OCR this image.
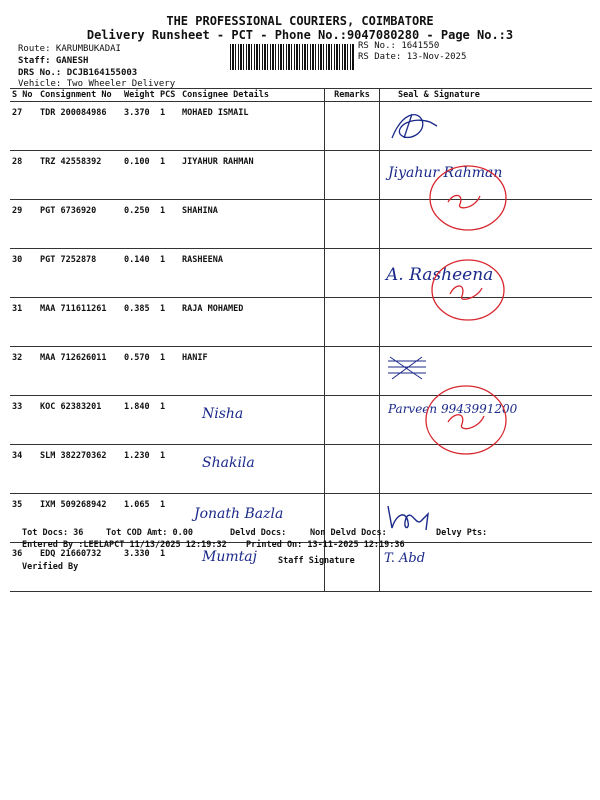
THE PROFESSIONAL COURIERS, COIMBATORE
Delivery Runsheet - PCT - Phone No.:9047080280 - Page No.:3
Route: KARUMBUKADAI
Staff: GANESH
DRS No.: DCJB164155003
Vehicle: Two Wheeler Delivery
RS No.: 1641550
RS Date: 13-Nov-2025
S No	Consignment No	Weight	PCS	Consignee Details	Remarks	Seal & Signature
27	TDR 200084986	3.370	1	MOHAED ISMAIL		

28	TRZ 42558392	0.100	1	JIYAHUR RAHMAN		Jiyahur Rahman

29	PGT 6736920	0.250	1	SHAHINA		
30	PGT 7252878	0.140	1	RASHEENA		A. Rasheena

31	MAA 711611261	0.385	1	RAJA MOHAMED		
32	MAA 712626011	0.570	1	HANIF		

33	KOC 62383201	1.840	1	Nisha		Parveen 9943991200

34	SLM 382270362	1.230	1	Shakila		

35	IXM 509268942	1.065	1	Jonath Bazla

36	EDQ 21660732	3.330	1	Mumtaj		T. Abd
Tot Docs: 36	Tot COD Amt: 0.00	Delvd Docs:	Non Delvd Docs:	Delvy Pts:
Entered By :LEELAPCT 11/13/2025 12:19:32 Printed On: 13-11-2025 12:19:36
Verified By
Staff Signature
